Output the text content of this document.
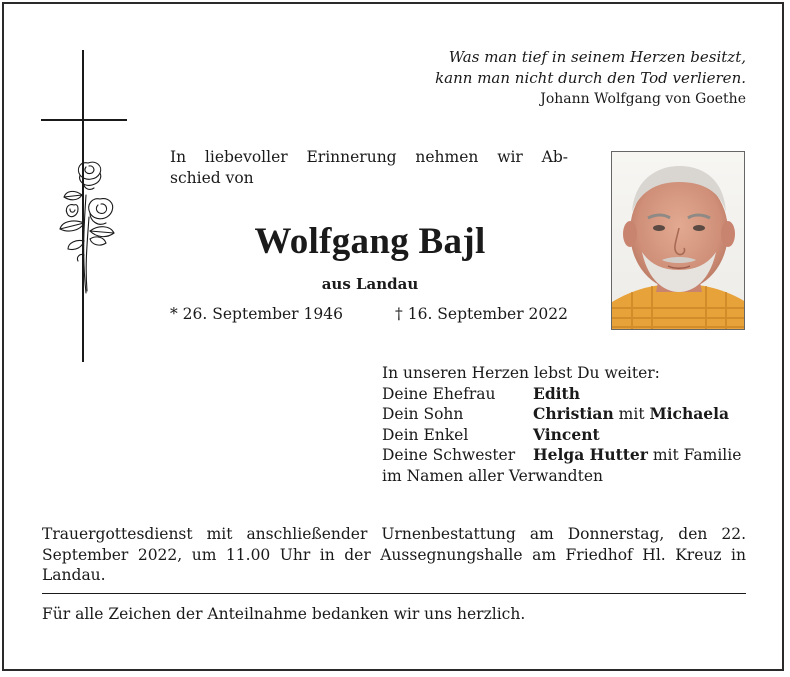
Was man tief in seinem Herzen besitzt,
kann man nicht durch den Tod verlieren.
Johann Wolfgang von Goethe
In liebevoller Erinnerung nehmen wir Ab-
schied von
Wolfgang Bajl
aus Landau
* 26. September 1946	† 16. September 2022
In unseren Herzen lebst Du weiter:
Deine Ehefrau Edith
Dein Sohn	Christian mit Michaela
Dein Enkel	Vincent
Deine Schwester Helga Hutter mit Familie
im Namen aller Verwandten
Trauergottesdienst mit anschließender Urnenbestattung am Donnerstag, den 22. September 2022, um 11.00 Uhr in der Aussegnungshalle am Friedhof Hl. Kreuz in Landau.
Für alle Zeichen der Anteilnahme bedanken wir uns herzlich.
